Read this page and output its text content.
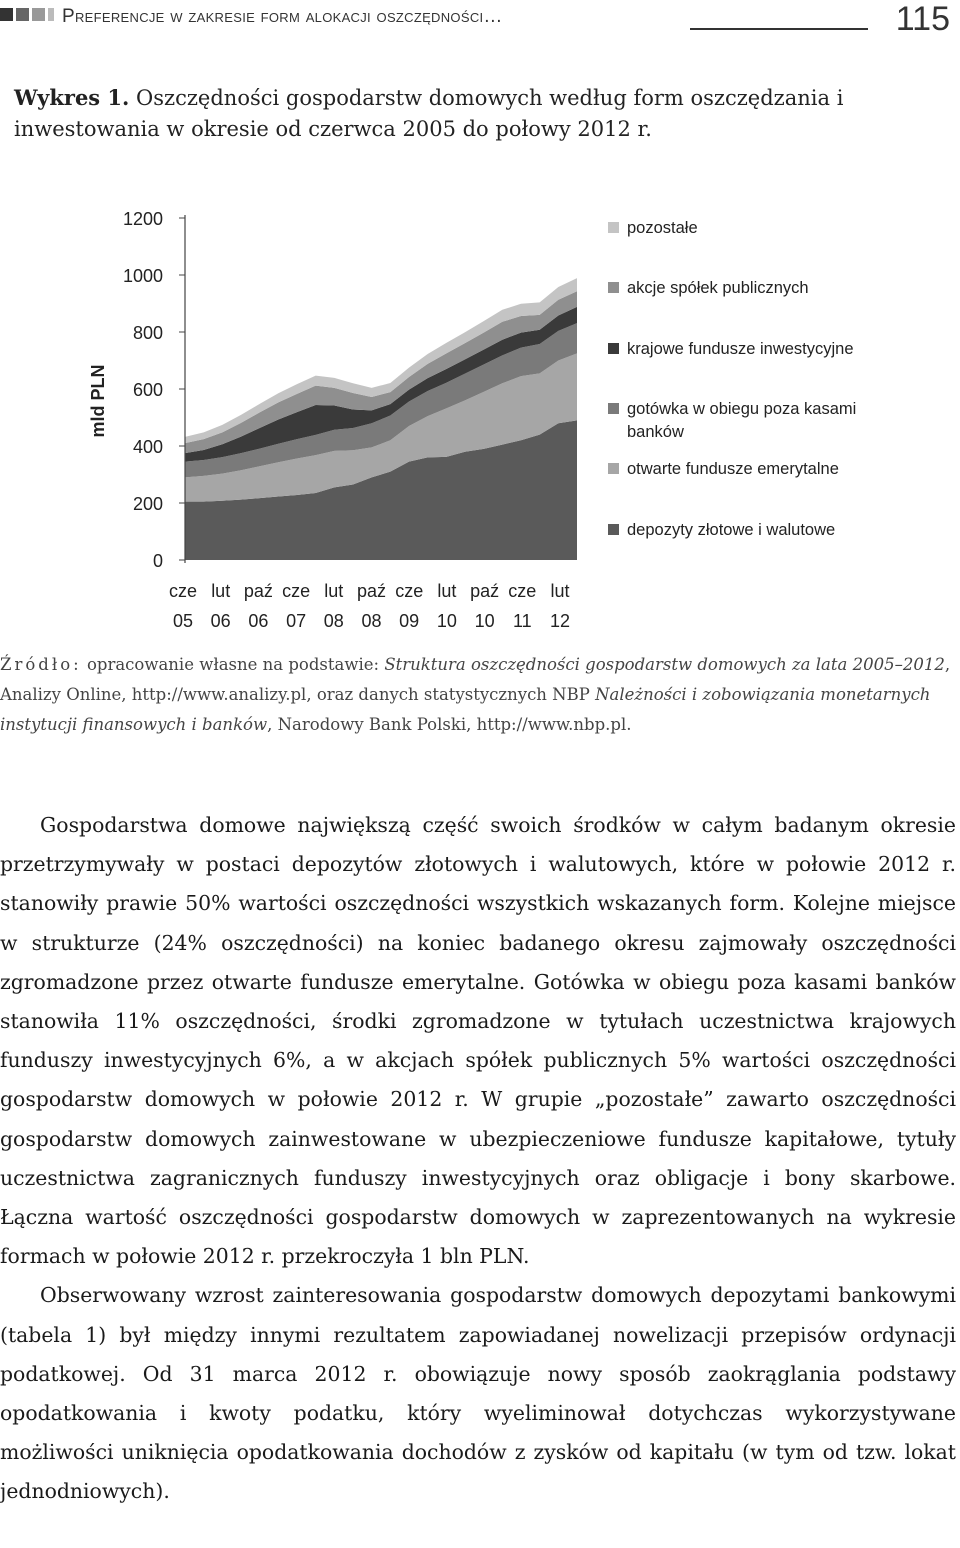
Preferencje w zakresie form alokacji oszczędności…	115
Wykres 1. Oszczędności gospodarstw domowych według form oszczędzania i inwestowania w okresie od czerwca 2005 do połowy 2012 r.
0
200
400
600
800
1000
1200
cze
05
lut
06
paź
06
cze
07
lut
08
paź
08
cze
09
lut
10
paź
10
cze
11
lut
12
mld PLN
pozostałe
akcje spółek publicznych
krajowe fundusze inwestycyjne
gotówka w obiegu poza kasami banków
otwarte fundusze emerytalne
depozyty złotowe i walutowe
Źródło: opracowanie własne na podstawie: Struktura oszczędności gospodarstw domowych za lata 2005–2012, Analizy Online, http://www.analizy.pl, oraz danych statystycznych NBP Należności i zobowiązania monetarnych instytucji finansowych i banków, Narodowy Bank Polski, http://www.nbp.pl.

Gospodarstwa domowe największą część swoich środków w całym badanym okresie przetrzymywały w postaci depozytów złotowych i walutowych, które w połowie 2012 r. stanowiły prawie 50% wartości oszczędności wszystkich wskazanych form. Kolejne miejsce w strukturze (24% oszczędności) na koniec badanego okresu zajmowały oszczędności zgromadzone przez otwarte fundusze emerytalne. Gotówka w obiegu poza kasami banków stanowiła 11% oszczędności, środki zgromadzone w tytułach uczestnictwa krajowych funduszy inwestycyjnych 6%, a w akcjach spółek publicznych 5% wartości oszczędności gospodarstw domowych w połowie 2012 r. W grupie „pozostałe” zawarto oszczędności gospodarstw domowych zainwestowane w ubezpieczeniowe fundusze kapitałowe, tytuły uczestnictwa zagranicznych funduszy inwestycyjnych oraz obligacje i bony skarbowe. Łączna wartość oszczędności gospodarstw domowych w zaprezentowanych na wykresie formach w połowie 2012 r. przekroczyła 1 bln PLN.

Obserwowany wzrost zainteresowania gospodarstw domowych depozytami bankowymi (tabela 1) był między innymi rezultatem zapowiadanej nowelizacji przepisów ordynacji podatkowej. Od 31 marca 2012 r. obowiązuje nowy sposób zaokrąglania podstawy opodatkowania i kwoty podatku, który wyeliminował dotychczas wykorzystywane możliwości uniknięcia opodatkowania dochodów z zysków od kapitału (w tym od tzw. lokat jednodniowych).
